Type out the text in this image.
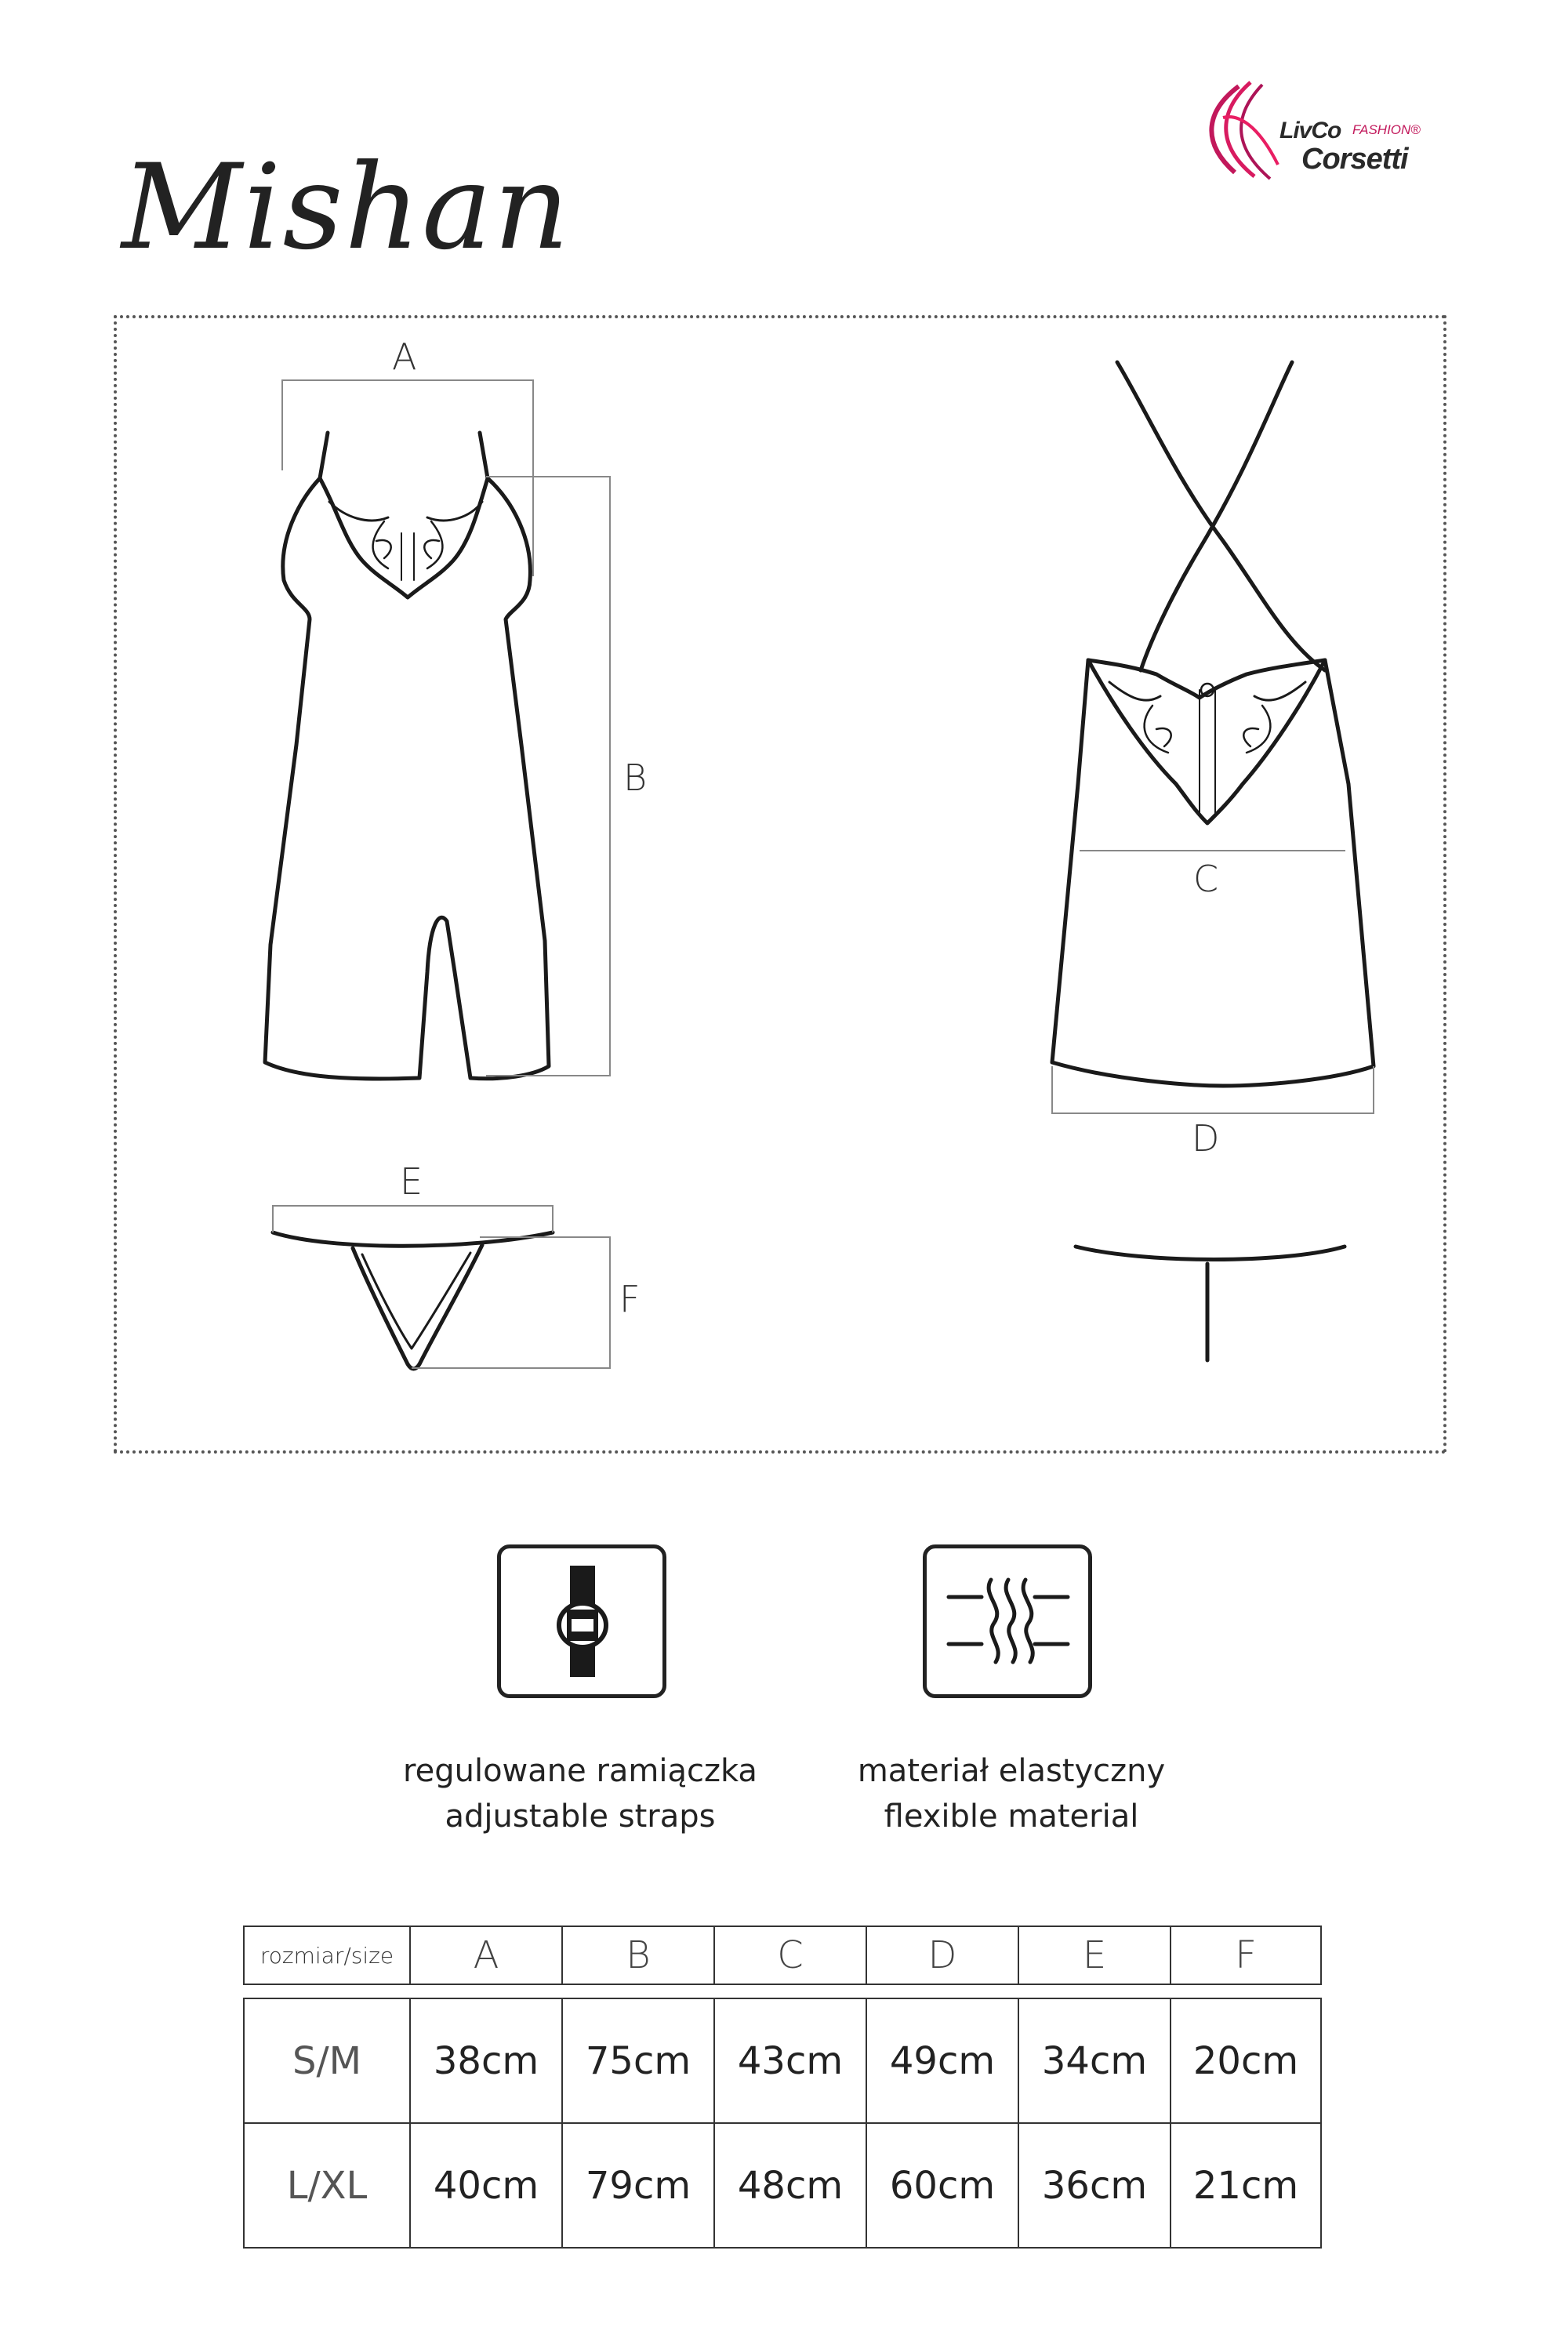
LivCo FASHION®
Corsetti
Mishan
A
B
C
D
E
F
regulowane ramiączka
adjustable straps
materiał elastyczny
flexible material
rozmiar/size	A	B	C	D	E	F
S/M	38cm	75cm	43cm	49cm	34cm	20cm
L/XL	40cm	79cm	48cm	60cm	36cm	21cm
